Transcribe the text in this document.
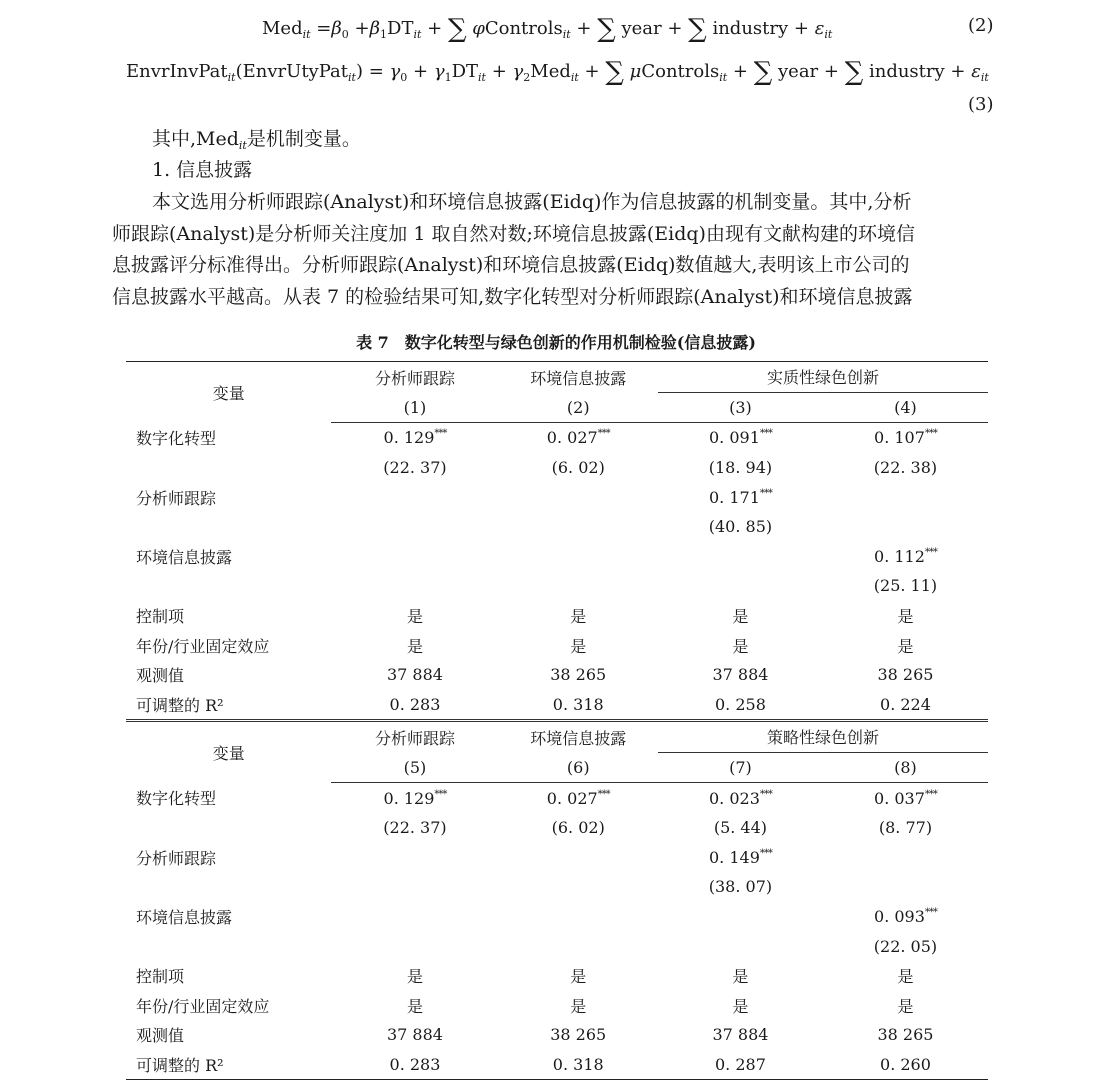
$Med_{it} =\beta_0 +\beta_1DT_{it}$ + ∑ φControls$_{it}$ + ∑ year + ∑ industry + $\varepsilon_{it}$	(2)
EnvrInvPat$_{it}$(EnvrUtyPat$_{it}$) = $\gamma_0 + \gamma_1DT_{it} + \gamma_2Med_{it}$ + ∑ μControls$_{it}$ + ∑ year + ∑ industry + $\varepsilon_{it}$
(3)
其中,Med$_{it}$是机制变量。
1. 信息披露
本文选用分析师跟踪(Analyst)和环境信息披露(Eidq)作为信息披露的机制变量。其中,分析
师跟踪(Analyst)是分析师关注度加 1 取自然对数;环境信息披露(Eidq)由现有文献构建的环境信
息披露评分标准得出。分析师跟踪(Analyst)和环境信息披露(Eidq)数值越大,表明该上市公司的
信息披露水平越高。从表 7 的检验结果可知,数字化转型对分析师跟踪(Analyst)和环境信息披露
表 7　数字化转型与绿色创新的作用机制检验(信息披露)
变量	分析师跟踪	环境信息披露	实质性绿色创新	
	(1)	(2)	(3)	(4)
数字化转型	0. 129***	0. 027***	0. 091***	0. 107***
	(22. 37)	(6. 02)	(18. 94)	(22. 38)
分析师跟踪			0. 171***	
			(40. 85)	
环境信息披露				0. 112***
				(25. 11)
控制项	是	是	是	是
年份/行业固定效应	是	是	是	是
观测值	37 884	38 265	37 884	38 265
可调整的 R²	0. 283	0. 318	0. 258	0. 224
变量	分析师跟踪	环境信息披露	策略性绿色创新	
	(5)	(6)	(7)	(8)
数字化转型	0. 129***	0. 027***	0. 023***	0. 037***
	(22. 37)	(6. 02)	(5. 44)	(8. 77)
分析师跟踪			0. 149***	
			(38. 07)	
环境信息披露				0. 093***
				(22. 05)
控制项	是	是	是	是
年份/行业固定效应	是	是	是	是
观测值	37 884	38 265	37 884	38 265
可调整的 R²	0. 283	0. 318	0. 287	0. 260
